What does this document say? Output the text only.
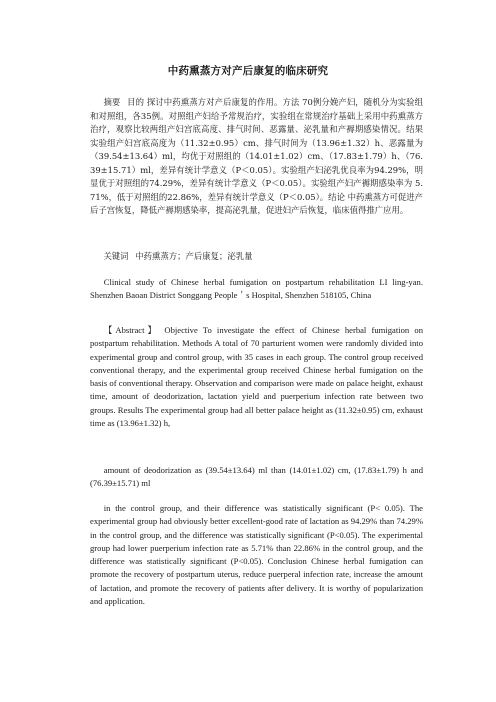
中药熏蒸方对产后康复的临床研究
摘要 目的 探讨中药熏蒸方对产后康复的作用。方法 70例分娩产妇，随机分为实验组和对照组，各35例。对照组产妇给予常规治疗，实验组在常规治疗基础上采用中药熏蒸方治疗，观察比较两组产妇宫底高度、排气时间、恶露量、泌乳量和产褥期感染情况。结果 实验组产妇宫底高度为（11.32±0.95）cm、排气时间为（13.96±1.32）h、恶露量为（39.54±13.64）ml，均优于对照组的（14.01±1.02）cm、（17.83±1.79）h、（76.39±15.71）ml，差异有统计学意义（P＜0.05）。实验组产妇泌乳优良率为94.29%，明显优于对照组的74.29%，差异有统计学意义（P＜0.05）。实验组产妇产褥期感染率为 5.71%，低于对照组的22.86%，差异有统计学意义（P＜0.05）。结论 中药熏蒸方可促进产后子宫恢复，降低产褥期感染率，提高泌乳量，促进妇产后恢复，临床值得推广应用。
关键词 中药熏蒸方；产后康复；泌乳量
Clinical study of Chinese herbal fumigation on postpartum rehabilitation LI ling-yan. Shenzhen Baoan District Songgang People＇s Hospital, Shenzhen 518105, China
【Abstract】 Objective To investigate the effect of Chinese herbal fumigation on postpartum rehabilitation. Methods A total of 70 parturient women were randomly divided into experimental group and control group, with 35 cases in each group. The control group received conventional therapy, and the experimental group received Chinese herbal fumigation on the basis of conventional therapy. Observation and comparison were made on palace height, exhaust time, amount of deodorization, lactation yield and puerperium infection rate between two groups. Results The experimental group had all better palace height as (11.32±0.95) cm, exhaust time as (13.96±1.32) h,
amount of deodorization as (39.54±13.64) ml than (14.01±1.02) cm, (17.83±1.79) h and (76.39±15.71) ml
in the control group, and their difference was statistically significant (P< 0.05). The experimental group had obviously better excellent-good rate of lactation as 94.29% than 74.29% in the control group, and the difference was statistically significant (P<0.05). The experimental group had lower puerperium infection rate as 5.71% than 22.86% in the control group, and the difference was statistically significant (P<0.05). Conclusion Chinese herbal fumigation can promote the recovery of postpartum uterus, reduce puerperal infection rate, increase the amount of lactation, and promote the recovery of patients after delivery. It is worthy of popularization and application.
